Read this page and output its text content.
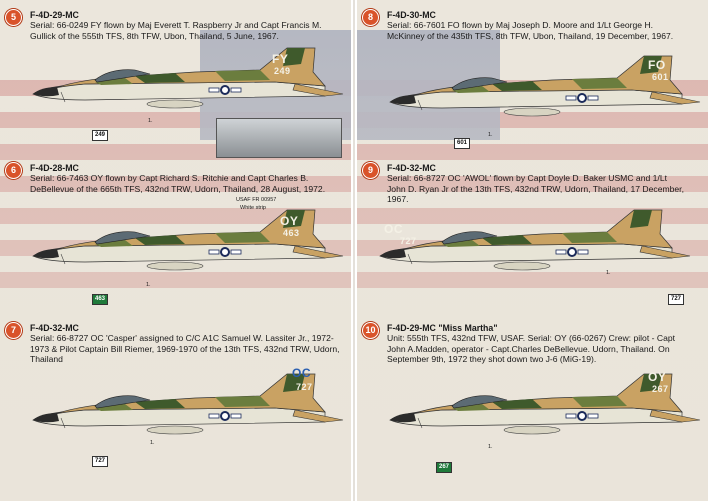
5	F-4D-29-MC
Serial: 66-0249 FY flown by Maj Everett T. Raspberry Jr and Capt Francis M. Gullick of the 555th TFS, 8th TFW, Ubon, Thailand, 5 June, 1967.
FY
249
1.
249
8	F-4D-30-MC
Serial: 66-7601 FO flown by Maj Joseph D. Moore and 1/Lt George H. McKinney of the 435th TFS, 8th TFW, Ubon, Thailand, 19 December, 1967.
FO
601
1.
601
6	F-4D-28-MC
Serial: 66-7463 OY flown by Capt Richard S. Ritchie and Capt Charles B. DeBellevue of the 665th TFS, 432nd TRW, Udorn, Thailand, 28 August, 1972.
USAF FR 00957
White strip
OY
463
1.
463
9	F-4D-32-MC
Serial: 66-8727 OC 'AWOL' flown by Capt Doyle D. Baker USMC and 1/Lt John D. Ryan Jr of the 13th TFS, 432nd TRW, Udorn, Thailand, 17 December, 1967.
OC
727
1.
727
7	F-4D-32-MC
Serial: 66-8727 OC 'Casper' assigned to C/C A1C Samuel W. Lassiter Jr., 1972-1973 & Pilot Captain Bill Riemer, 1969-1970 of the 13th TFS, 432nd TRW, Udorn, Thailand
OC
727
1.
727
10 F-4D-29-MC "Miss Martha"
Unit: 555th TFS, 432nd TFW, USAF. Serial: OY (66-0267) Crew: pilot - Capt John A.Madden, operator - Capt.Charles DeBellevue. Udorn, Thailand. On September 9th, 1972 they shot down two J-6 (MiG-19).
OY
267
1.
267
